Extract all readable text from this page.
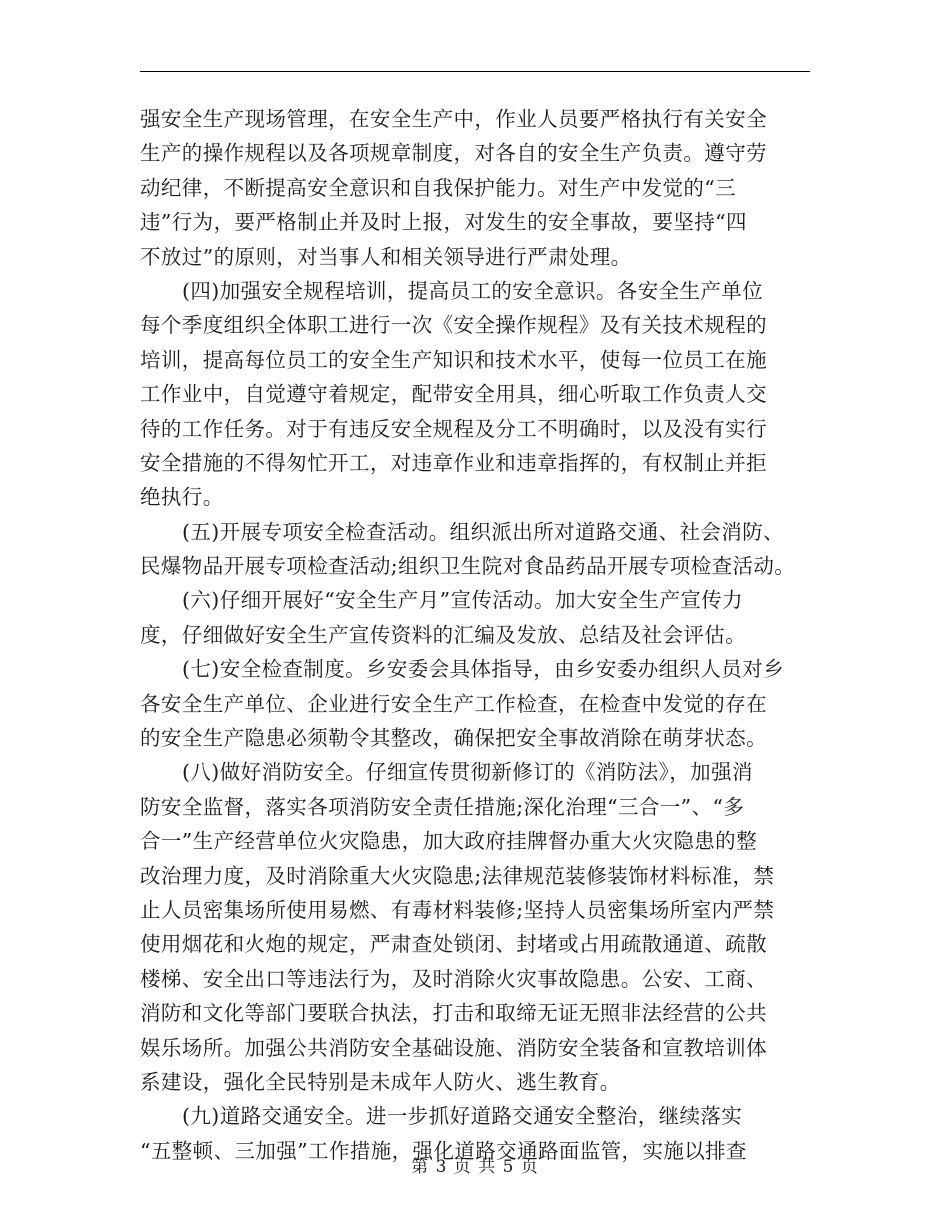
强安全生产现场管理，在安全生产中，作业人员要严格执行有关安全
生产的操作规程以及各项规章制度，对各自的安全生产负责。遵守劳
动纪律，不断提高安全意识和自我保护能力。对生产中发觉的“三
违”行为，要严格制止并及时上报，对发生的安全事故，要坚持“四
不放过”的原则，对当事人和相关领导进行严肃处理。
(四)加强安全规程培训，提高员工的安全意识。各安全生产单位
每个季度组织全体职工进行一次《安全操作规程》及有关技术规程的
培训，提高每位员工的安全生产知识和技术水平，使每一位员工在施
工作业中，自觉遵守着规定，配带安全用具，细心听取工作负责人交
待的工作任务。对于有违反安全规程及分工不明确时，以及没有实行
安全措施的不得匆忙开工，对违章作业和违章指挥的，有权制止并拒
绝执行。
(五)开展专项安全检查活动。组织派出所对道路交通、社会消防、
民爆物品开展专项检查活动;组织卫生院对食品药品开展专项检查活动。
(六)仔细开展好“安全生产月”宣传活动。加大安全生产宣传力
度，仔细做好安全生产宣传资料的汇编及发放、总结及社会评估。
(七)安全检查制度。乡安委会具体指导，由乡安委办组织人员对乡
各安全生产单位、企业进行安全生产工作检查，在检查中发觉的存在
的安全生产隐患必须勒令其整改，确保把安全事故消除在萌芽状态。
(八)做好消防安全。仔细宣传贯彻新修订的《消防法》，加强消
防安全监督，落实各项消防安全责任措施;深化治理“三合一”、“多
合一”生产经营单位火灾隐患，加大政府挂牌督办重大火灾隐患的整
改治理力度，及时消除重大火灾隐患;法律规范装修装饰材料标准，禁
止人员密集场所使用易燃、有毒材料装修;坚持人员密集场所室内严禁
使用烟花和火炮的规定，严肃查处锁闭、封堵或占用疏散通道、疏散
楼梯、安全出口等违法行为，及时消除火灾事故隐患。公安、工商、
消防和文化等部门要联合执法，打击和取缔无证无照非法经营的公共
娱乐场所。加强公共消防安全基础设施、消防安全装备和宣教培训体
系建设，强化全民特别是未成年人防火、逃生教育。
(九)道路交通安全。进一步抓好道路交通安全整治，继续落实
“五整顿、三加强”工作措施，强化道路交通路面监管，实施以排查
第 3 页 共 5 页
